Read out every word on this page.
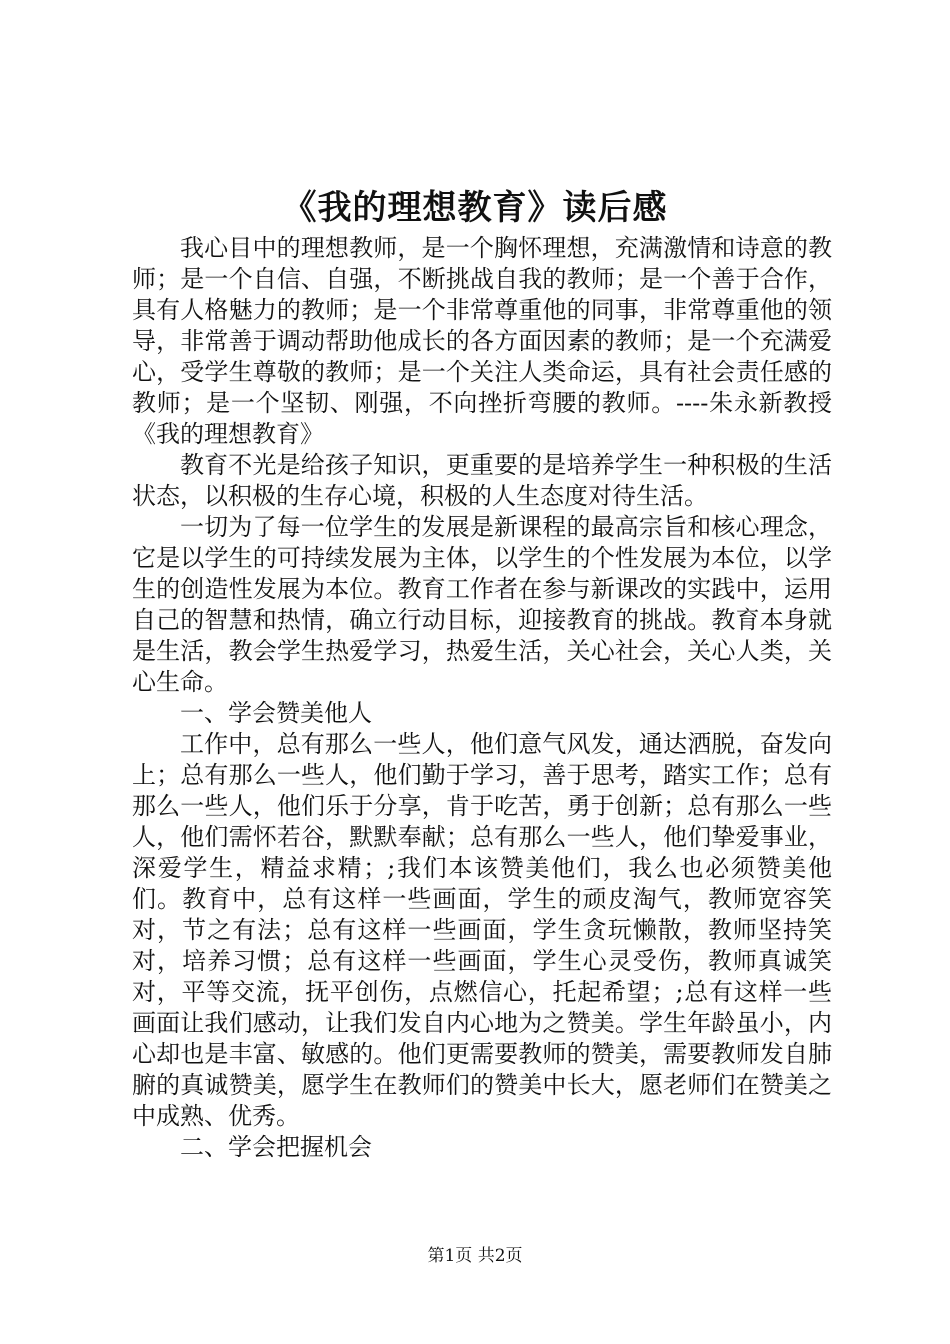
《我的理想教育》读后感

我心目中的理想教师，是一个胸怀理想，充满激情和诗意的教师；是一个自信、自强，不断挑战自我的教师；是一个善于合作，具有人格魅力的教师；是一个非常尊重他的同事，非常尊重他的领导，非常善于调动帮助他成长的各方面因素的教师；是一个充满爱心，受学生尊敬的教师；是一个关注人类命运，具有社会责任感的教师；是一个坚韧、刚强，不向挫折弯腰的教师。----朱永新教授《我的理想教育》

教育不光是给孩子知识，更重要的是培养学生一种积极的生活状态，以积极的生存心境，积极的人生态度对待生活。

一切为了每一位学生的发展是新课程的最高宗旨和核心理念，它是以学生的可持续发展为主体，以学生的个性发展为本位，以学生的创造性发展为本位。教育工作者在参与新课改的实践中，运用自己的智慧和热情，确立行动目标，迎接教育的挑战。教育本身就是生活，教会学生热爱学习，热爱生活，关心社会，关心人类，关心生命。

一、学会赞美他人

工作中，总有那么一些人，他们意气风发，通达洒脱，奋发向上；总有那么一些人，他们勤于学习，善于思考，踏实工作；总有那么一些人，他们乐于分享，肯于吃苦，勇于创新；总有那么一些人，他们需怀若谷，默默奉献；总有那么一些人，他们挚爱事业，深爱学生，精益求精；;我们本该赞美他们，我么也必须赞美他们。教育中，总有这样一些画面，学生的顽皮淘气，教师宽容笑对，节之有法；总有这样一些画面，学生贪玩懒散，教师坚持笑对，培养习惯；总有这样一些画面，学生心灵受伤，教师真诚笑对，平等交流，抚平创伤，点燃信心，托起希望；;总有这样一些画面让我们感动，让我们发自内心地为之赞美。学生年龄虽小，内心却也是丰富、敏感的。他们更需要教师的赞美，需要教师发自肺腑的真诚赞美，愿学生在教师们的赞美中长大，愿老师们在赞美之中成熟、优秀。

二、学会把握机会

第1页 共2页
